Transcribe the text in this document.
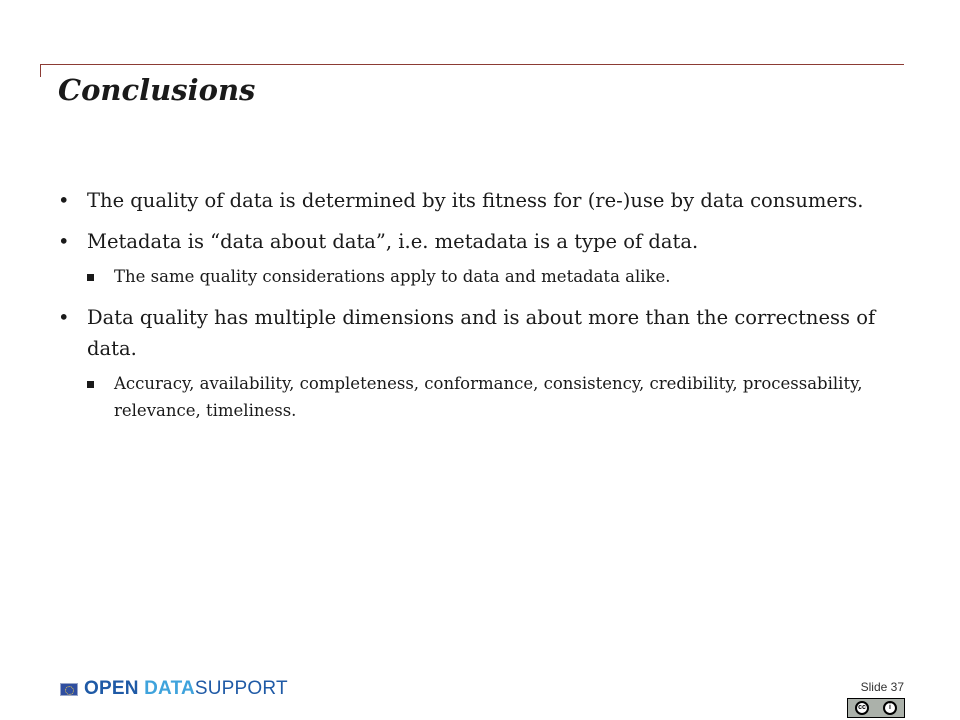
Conclusions
• The quality of data is determined by its fitness for (re-)use by data consumers.
• Metadata is “data about data”, i.e. metadata is a type of data.
The same quality considerations apply to data and metadata alike.
• Data quality has multiple dimensions and is about more than the correctness of data.
Accuracy, availability, completeness, conformance, consistency, credibility, processability, relevance, timeliness.
OPEN DATASUPPORT	Slide 37
cc	i
